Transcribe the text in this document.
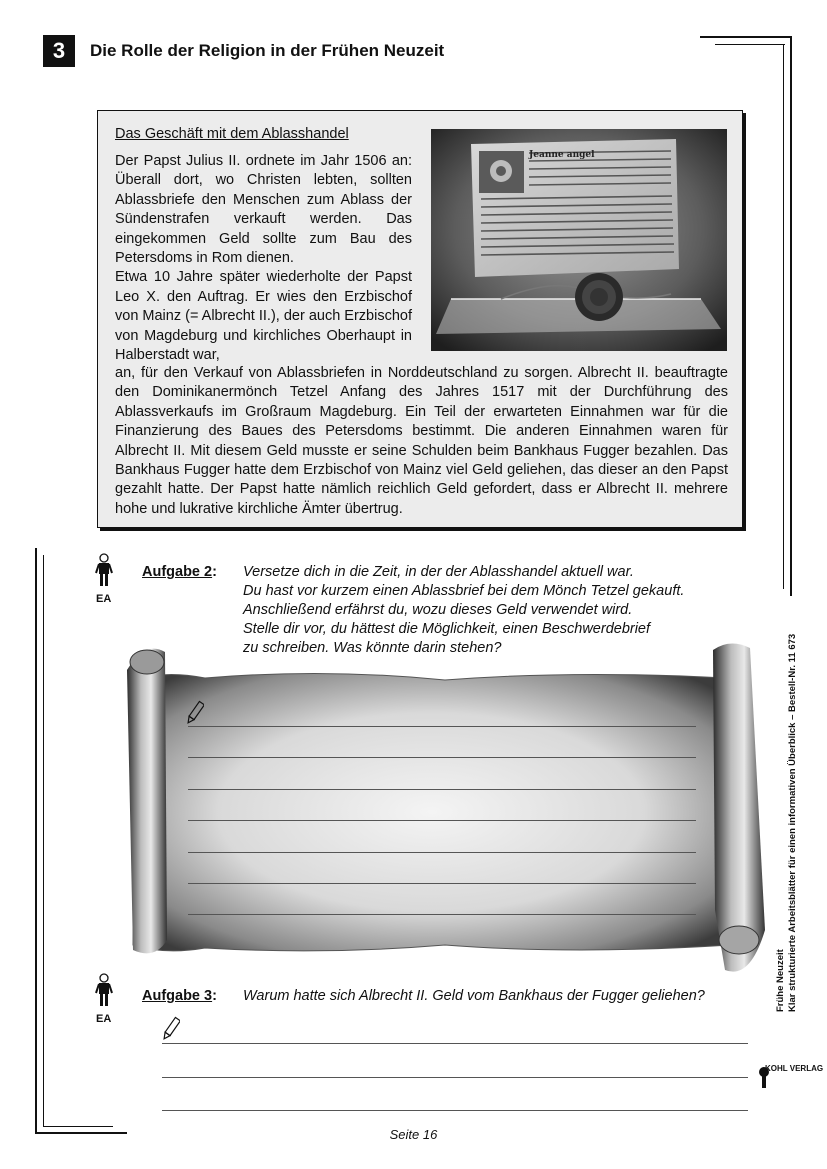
3	Die Rolle der Religion in der Frühen Neuzeit
Das Geschäft mit dem Ablasshandel

Der Papst Julius II. ordnete im Jahr 1506 an: Überall dort, wo Christen lebten, sollten Ablassbriefe den Menschen zum Ablass der Sündenstrafen verkauft werden. Das eingekommen Geld sollte zum Bau des Petersdoms in Rom dienen.

Etwa 10 Jahre später wiederholte der Papst Leo X. den Auftrag. Er wies den Erzbischof von Mainz (= Albrecht II.), der auch Erzbischof von Magdeburg und kirchliches Oberhaupt in Halberstadt war,

an, für den Verkauf von Ablassbriefen in Norddeutschland zu sorgen. Albrecht II. beauftragte den Dominikanermönch Tetzel Anfang des Jahres 1517 mit der Durchführung des Ablassverkaufs im Großraum Magdeburg. Ein Teil der erwarteten Einnahmen war für die Finanzierung des Baues des Petersdoms bestimmt. Die anderen Einnahmen waren für Albrecht II. Mit diesem Geld musste er seine Schulden beim Bankhaus Fugger bezahlen. Das Bankhaus Fugger hatte dem Erzbischof von Mainz viel Geld geliehen, das dieser an den Papst gezahlt hatte. Der Papst hatte nämlich reichlich Geld gefordert, dass er Albrecht II. mehrere hohe und lukrative kirchliche Ämter übertrug.

Jeanne angel
EA
Aufgabe 2: Versetze dich in die Zeit, in der der Ablasshandel aktuell war.
Du hast vor kurzem einen Ablassbrief bei dem Mönch Tetzel gekauft.
Anschließend erfährst du, wozu dieses Geld verwendet wird.
Stelle dir vor, du hättest die Möglichkeit, einen Beschwerdebrief
zu schreiben. Was könnte darin stehen?
EA
Aufgabe 3: Warum hatte sich Albrecht II. Geld vom Bankhaus der Fugger geliehen?	Frühe Neuzeit Klar strukturierte Arbeitsblätter für einen informativen Überblick – Bestell-Nr. 11 673
KOHL VERLAG
Seite 16
